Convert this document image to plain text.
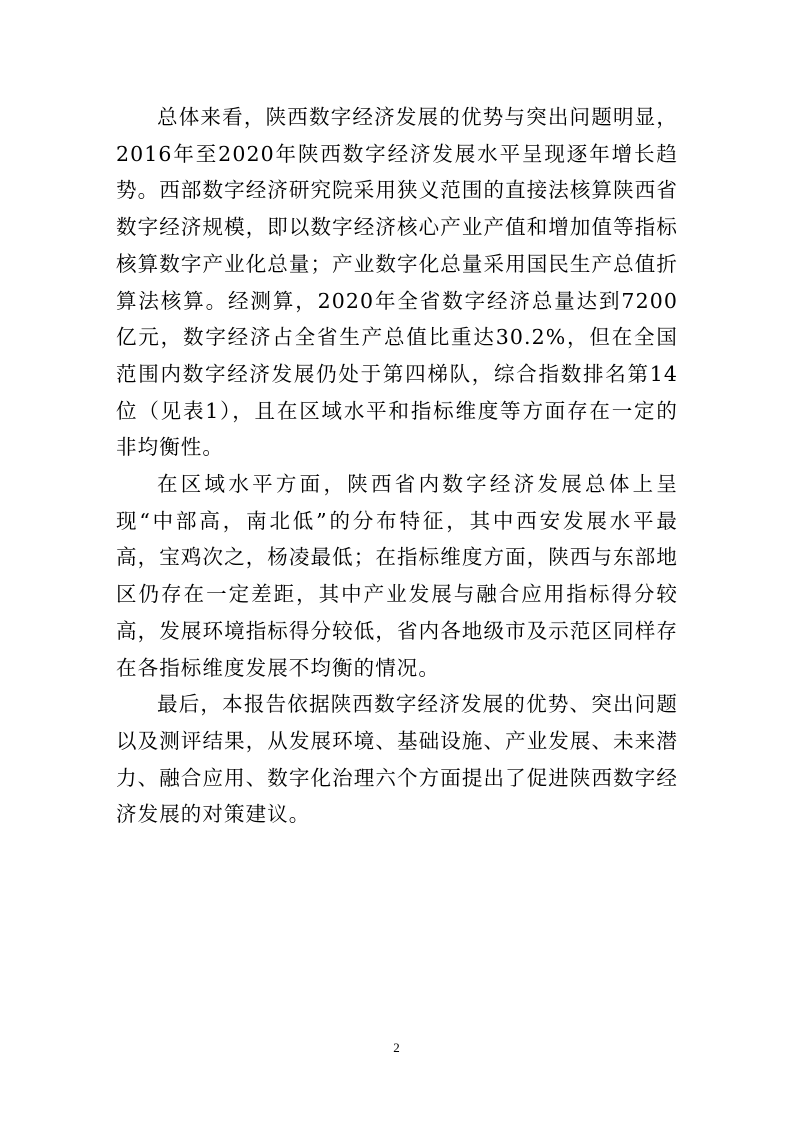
总体来看，陕西数字经济发展的优势与突出问题明显，2016年至2020年陕西数字经济发展水平呈现逐年增长趋势。西部数字经济研究院采用狭义范围的直接法核算陕西省数字经济规模，即以数字经济核心产业产值和增加值等指标核算数字产业化总量；产业数字化总量采用国民生产总值折算法核算。经测算，2020年全省数字经济总量达到7200亿元，数字经济占全省生产总值比重达30.2%，但在全国范围内数字经济发展仍处于第四梯队，综合指数排名第14位（见表1），且在区域水平和指标维度等方面存在一定的非均衡性。

在区域水平方面，陕西省内数字经济发展总体上呈现“中部高，南北低”的分布特征，其中西安发展水平最高，宝鸡次之，杨凌最低；在指标维度方面，陕西与东部地区仍存在一定差距，其中产业发展与融合应用指标得分较高，发展环境指标得分较低，省内各地级市及示范区同样存在各指标维度发展不均衡的情况。

最后，本报告依据陕西数字经济发展的优势、突出问题以及测评结果，从发展环境、基础设施、产业发展、未来潜力、融合应用、数字化治理六个方面提出了促进陕西数字经济发展的对策建议。

2
